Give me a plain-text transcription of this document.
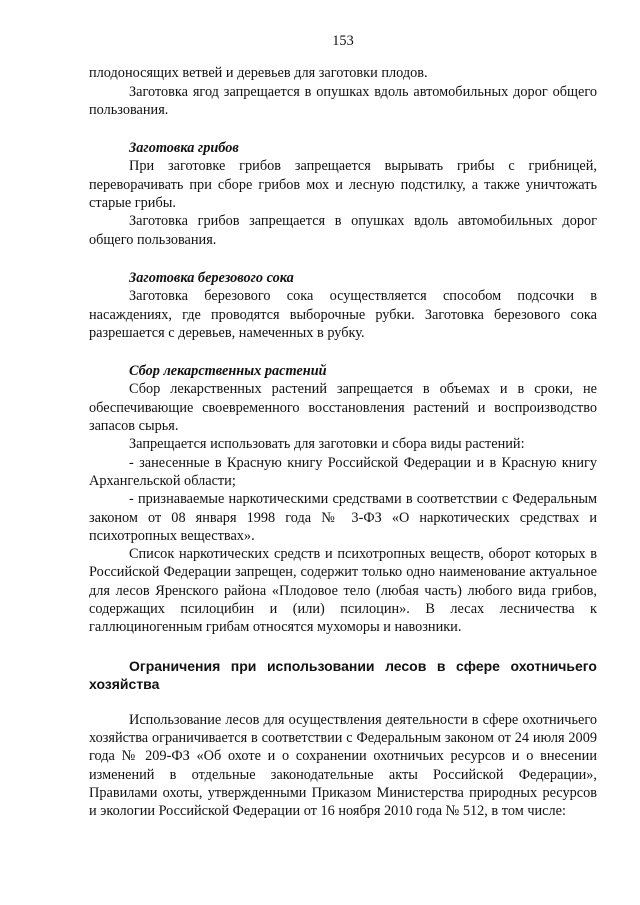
153

плодоносящих ветвей и деревьев для заготовки плодов.

Заготовка ягод запрещается в опушках вдоль автомобильных дорог общего пользования.

Заготовка грибов

При заготовке грибов запрещается вырывать грибы с грибницей, переворачивать при сборе грибов мох и лесную подстилку, а также уничтожать старые грибы.

Заготовка грибов запрещается в опушках вдоль автомобильных дорог общего пользования.

Заготовка березового сока

Заготовка березового сока осуществляется способом подсочки в насаждениях, где проводятся выборочные рубки. Заготовка березового сока разрешается с деревьев, намеченных в рубку.

Сбор лекарственных растений

Сбор лекарственных растений запрещается в объемах и в сроки, не обеспечивающие своевременного восстановления растений и воспроизводство запасов сырья.

Запрещается использовать для заготовки и сбора виды растений:

- занесенные в Красную книгу Российской Федерации и в Красную книгу Архангельской области;

- признаваемые наркотическими средствами в соответствии с Федеральным законом от 08 января 1998 года № 3-ФЗ «О наркотических средствах и психотропных веществах».

Список наркотических средств и психотропных веществ, оборот которых в Российской Федерации запрещен, содержит только одно наименование актуальное для лесов Яренского района «Плодовое тело (любая часть) любого вида грибов, содержащих псилоцибин и (или) псилоцин». В лесах лесничества к галлюциногенным грибам относятся мухоморы и навозники.

Ограничения при использовании лесов в сфере охотничьего хозяйства

Использование лесов для осуществления деятельности в сфере охотничьего хозяйства ограничивается в соответствии с Федеральным законом от 24 июля 2009 года № 209-ФЗ «Об охоте и о сохранении охотничьих ресурсов и о внесении изменений в отдельные законодательные акты Российской Федерации», Правилами охоты, утвержденными Приказом Министерства природных ресурсов и экологии Российской Федерации от 16 ноября 2010 года № 512, в том числе:
